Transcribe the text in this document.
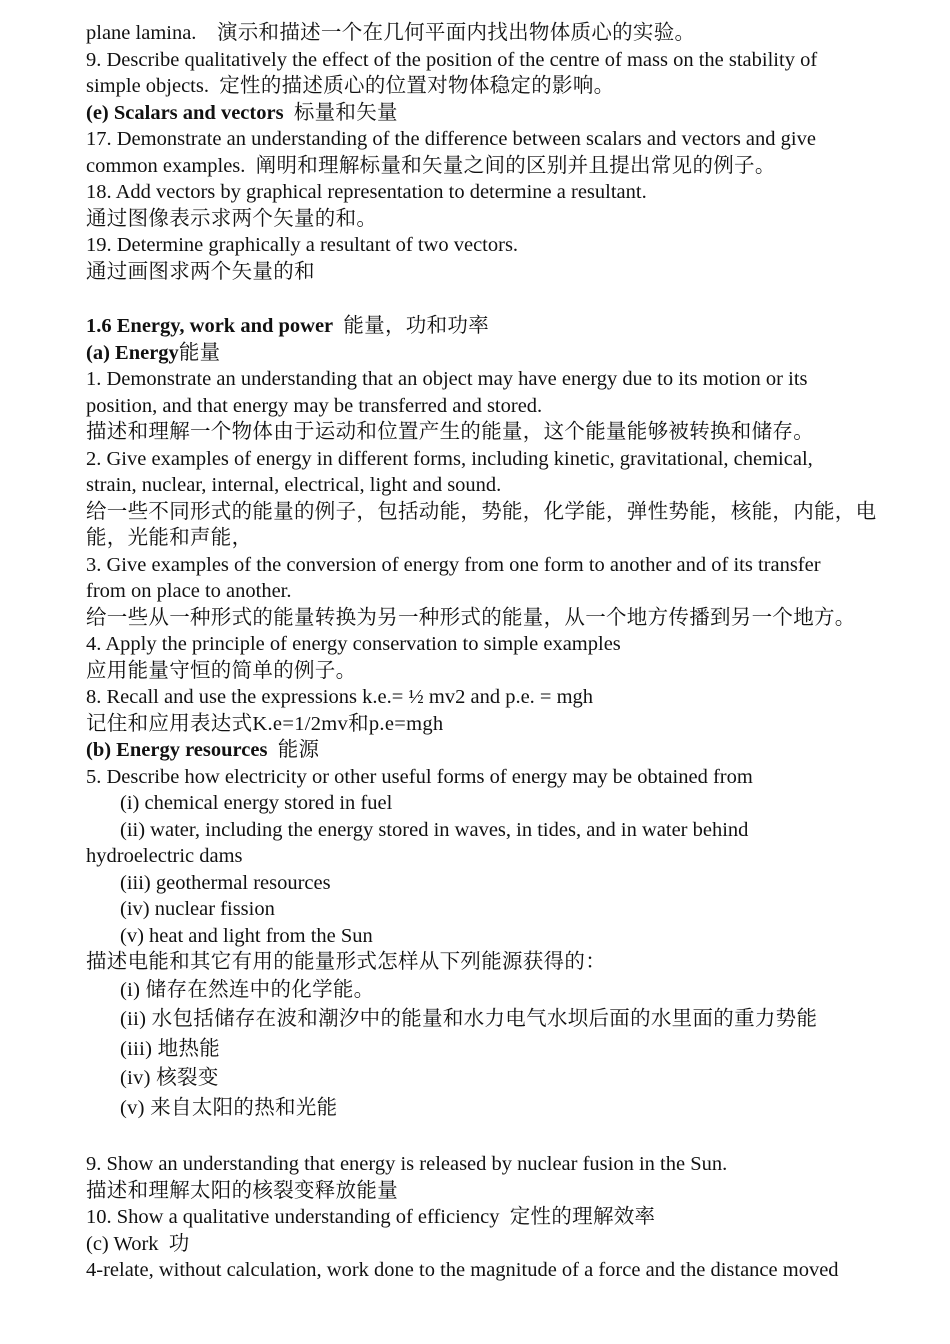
plane lamina. 演示和描述一个在几何平面内找出物体质心的实验。
9. Describe qualitatively the effect of the position of the centre of mass on the stability of
simple objects. 定性的描述质心的位置对物体稳定的影响。
(e) Scalars and vectors 标量和矢量
17. Demonstrate an understanding of the difference between scalars and vectors and give
common examples. 阐明和理解标量和矢量之间的区别并且提出常见的例子。
18. Add vectors by graphical representation to determine a resultant.
通过图像表示求两个矢量的和。
19. Determine graphically a resultant of two vectors.
通过画图求两个矢量的和
1.6 Energy, work and power 能量，功和功率
(a) Energy能量
1. Demonstrate an understanding that an object may have energy due to its motion or its
position, and that energy may be transferred and stored.
描述和理解一个物体由于运动和位置产生的能量，这个能量能够被转换和储存。
2. Give examples of energy in different forms, including kinetic, gravitational, chemical,
strain, nuclear, internal, electrical, light and sound.
给一些不同形式的能量的例子，包括动能，势能，化学能，弹性势能，核能，内能，电
能，光能和声能，
3. Give examples of the conversion of energy from one form to another and of its transfer
from on place to another.
给一些从一种形式的能量转换为另一种形式的能量，从一个地方传播到另一个地方。
4. Apply the principle of energy conservation to simple examples
应用能量守恒的简单的例子。
8. Recall and use the expressions k.e.= ½ mv2 and p.e. = mgh
记住和应用表达式K.e=1/2mv和p.e=mgh
(b) Energy resources 能源
5. Describe how electricity or other useful forms of energy may be obtained from
(i) chemical energy stored in fuel
(ii) water, including the energy stored in waves, in tides, and in water behind
hydroelectric dams
(iii) geothermal resources
(iv) nuclear fission
(v) heat and light from the Sun
描述电能和其它有用的能量形式怎样从下列能源获得的：
(i) 储存在然连中的化学能。
(ii) 水包括储存在波和潮汐中的能量和水力电气水坝后面的水里面的重力势能
(iii) 地热能
(iv) 核裂变
(v) 来自太阳的热和光能
9. Show an understanding that energy is released by nuclear fusion in the Sun.
描述和理解太阳的核裂变释放能量
10. Show a qualitative understanding of efficiency 定性的理解效率
(c) Work 功
4-relate, without calculation, work done to the magnitude of a force and the distance moved
